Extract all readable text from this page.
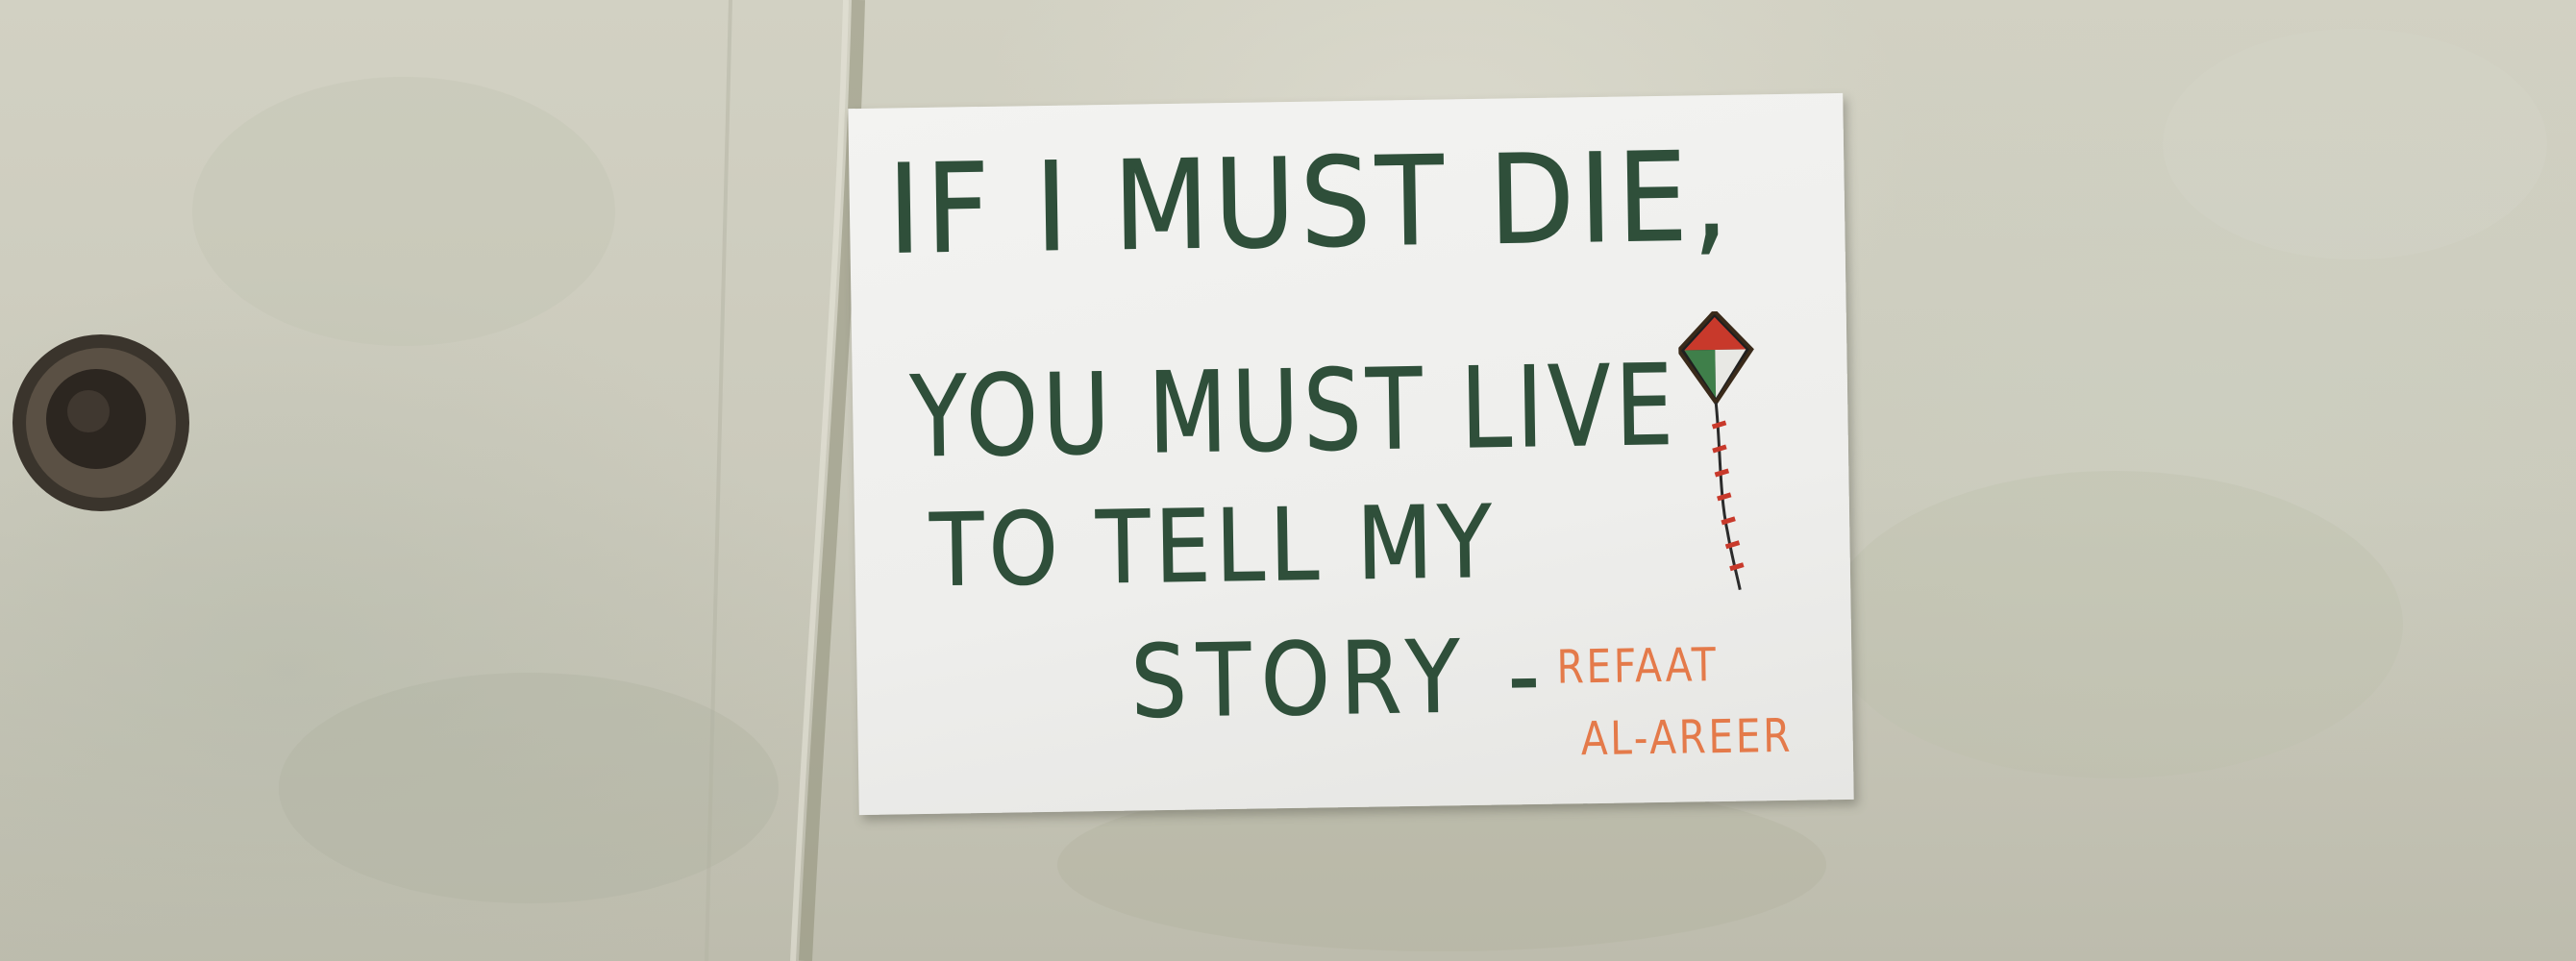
IF I MUST DIE,
YOU MUST LIVE
TO TELL MY
STORY - REFAAT
AL-AREER
